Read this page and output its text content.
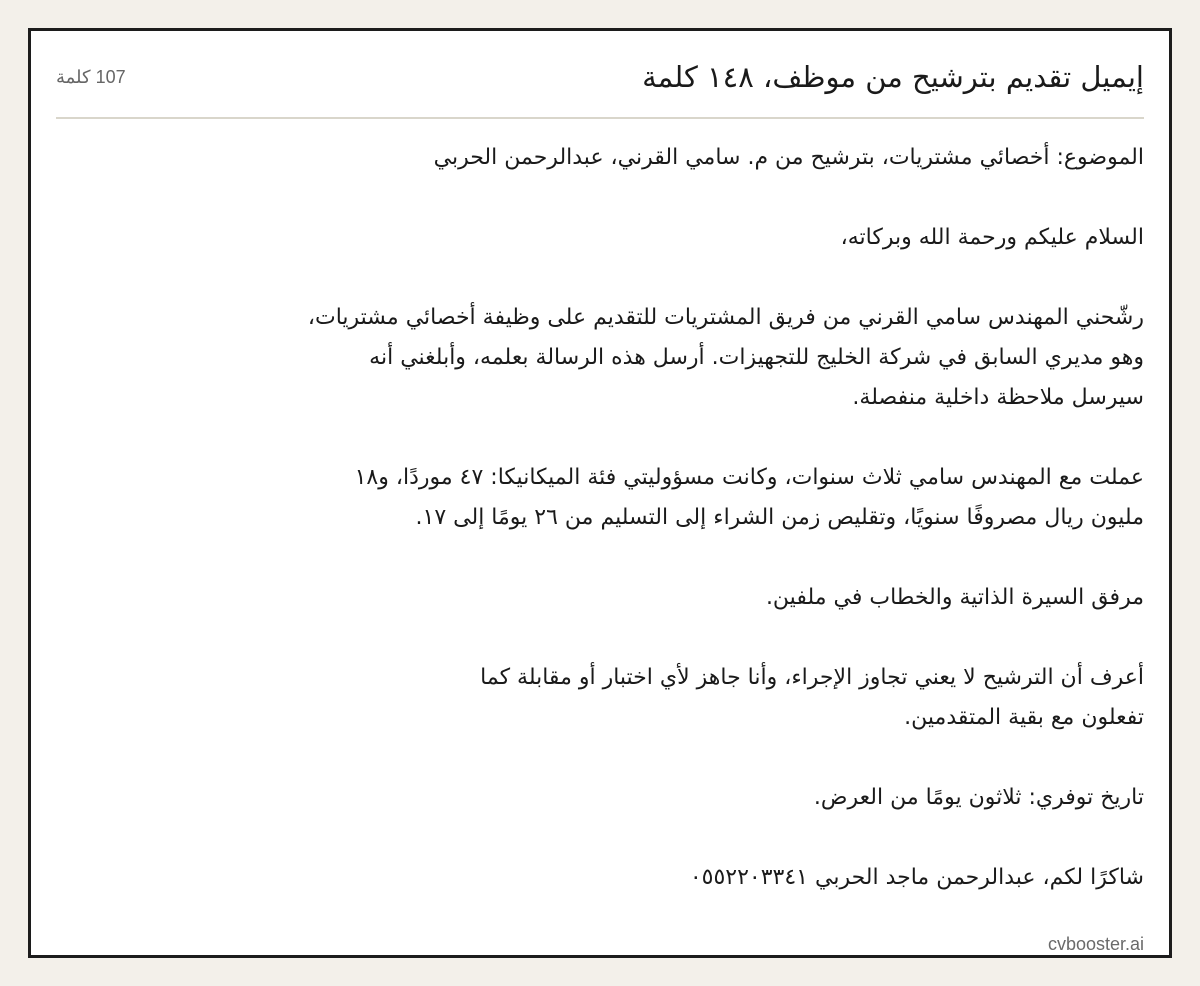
إيميل تقديم بترشيح من موظف، ١٤٨ كلمة
107 كلمة

الموضوع: أخصائي مشتريات، بترشيح من م. سامي القرني، عبدالرحمن الحربي

السلام عليكم ورحمة الله وبركاته،

رشّحني المهندس سامي القرني من فريق المشتريات للتقديم على وظيفة أخصائي مشتريات،
وهو مديري السابق في شركة الخليج للتجهيزات. أرسل هذه الرسالة بعلمه، وأبلغني أنه
سيرسل ملاحظة داخلية منفصلة.

عملت مع المهندس سامي ثلاث سنوات، وكانت مسؤوليتي فئة الميكانيكا: ٤٧ موردًا، و١٨
مليون ريال مصروفًا سنويًا، وتقليص زمن الشراء إلى التسليم من ٢٦ يومًا إلى ١٧.

مرفق السيرة الذاتية والخطاب في ملفين.

أعرف أن الترشيح لا يعني تجاوز الإجراء، وأنا جاهز لأي اختبار أو مقابلة كما
تفعلون مع بقية المتقدمين.

تاريخ توفري: ثلاثون يومًا من العرض.

شاكرًا لكم، عبدالرحمن ماجد الحربي ٠٥٥٢٢٠٣٣٤١

cvbooster.ai
